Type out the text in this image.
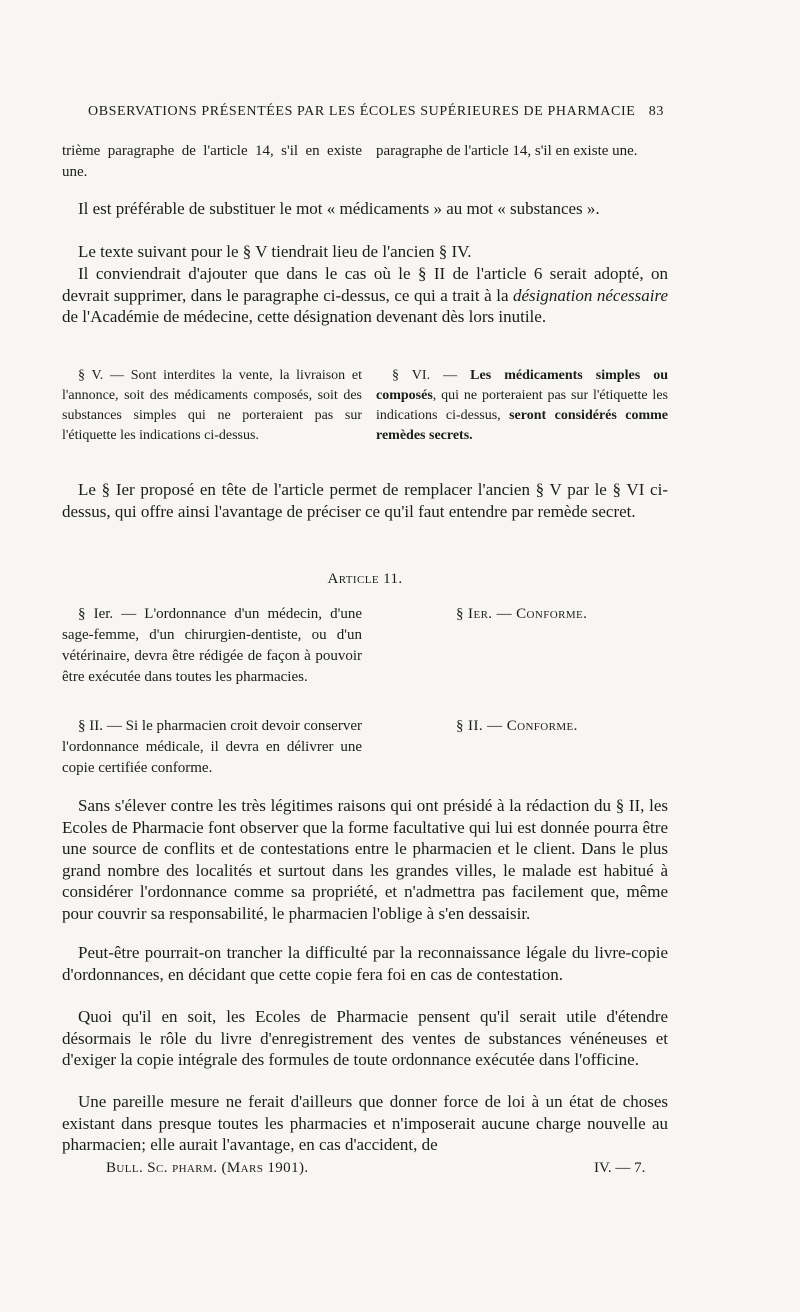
OBSERVATIONS PRÉSENTÉES PAR LES ÉCOLES SUPÉRIEURES DE PHARMACIE 83
trième paragraphe de l'article 14, s'il en existe une.
paragraphe de l'article 14, s'il en existe une.
Il est préférable de substituer le mot « médicaments » au mot « substances ».
Le texte suivant pour le § V tiendrait lieu de l'ancien § IV.
Il conviendrait d'ajouter que dans le cas où le § II de l'article 6 serait adopté, on devrait supprimer, dans le paragraphe ci-dessus, ce qui a trait à la désignation nécessaire de l'Académie de médecine, cette désignation devenant dès lors inutile.
§ V. — Sont interdites la vente, la livraison et l'annonce, soit des médicaments composés, soit des substances simples qui ne porteraient pas sur l'étiquette les indications ci-dessus.
§ VI. — Les médicaments simples ou composés, qui ne porteraient pas sur l'étiquette les indications ci-dessus, seront considérés comme remèdes secrets.
Le § Ier proposé en tête de l'article permet de remplacer l'ancien § V par le § VI ci-dessus, qui offre ainsi l'avantage de préciser ce qu'il faut entendre par remède secret.
Article 11.
§ Ier. — L'ordonnance d'un médecin, d'une sage-femme, d'un chirurgien-dentiste, ou d'un vétérinaire, devra être rédigée de façon à pouvoir être exécutée dans toutes les pharmacies.
§ Ier. — Conforme.
§ II. — Si le pharmacien croit devoir conserver l'ordonnance médicale, il devra en délivrer une copie certifiée conforme.
§ II. — Conforme.
Sans s'élever contre les très légitimes raisons qui ont présidé à la rédaction du § II, les Ecoles de Pharmacie font observer que la forme facultative qui lui est donnée pourra être une source de conflits et de contestations entre le pharmacien et le client. Dans le plus grand nombre des localités et surtout dans les grandes villes, le malade est habitué à considérer l'ordonnance comme sa propriété, et n'admettra pas facilement que, même pour couvrir sa responsabilité, le pharmacien l'oblige à s'en dessaisir.
Peut-être pourrait-on trancher la difficulté par la reconnaissance légale du livre-copie d'ordonnances, en décidant que cette copie fera foi en cas de contestation.
Quoi qu'il en soit, les Ecoles de Pharmacie pensent qu'il serait utile d'étendre désormais le rôle du livre d'enregistrement des ventes de substances vénéneuses et d'exiger la copie intégrale des formules de toute ordonnance exécutée dans l'officine.
Une pareille mesure ne ferait d'ailleurs que donner force de loi à un état de choses existant dans presque toutes les pharmacies et n'imposerait aucune charge nouvelle au pharmacien; elle aurait l'avantage, en cas d'accident, de
Bull. Sc. pharm. (Mars 1901).	IV. — 7.
